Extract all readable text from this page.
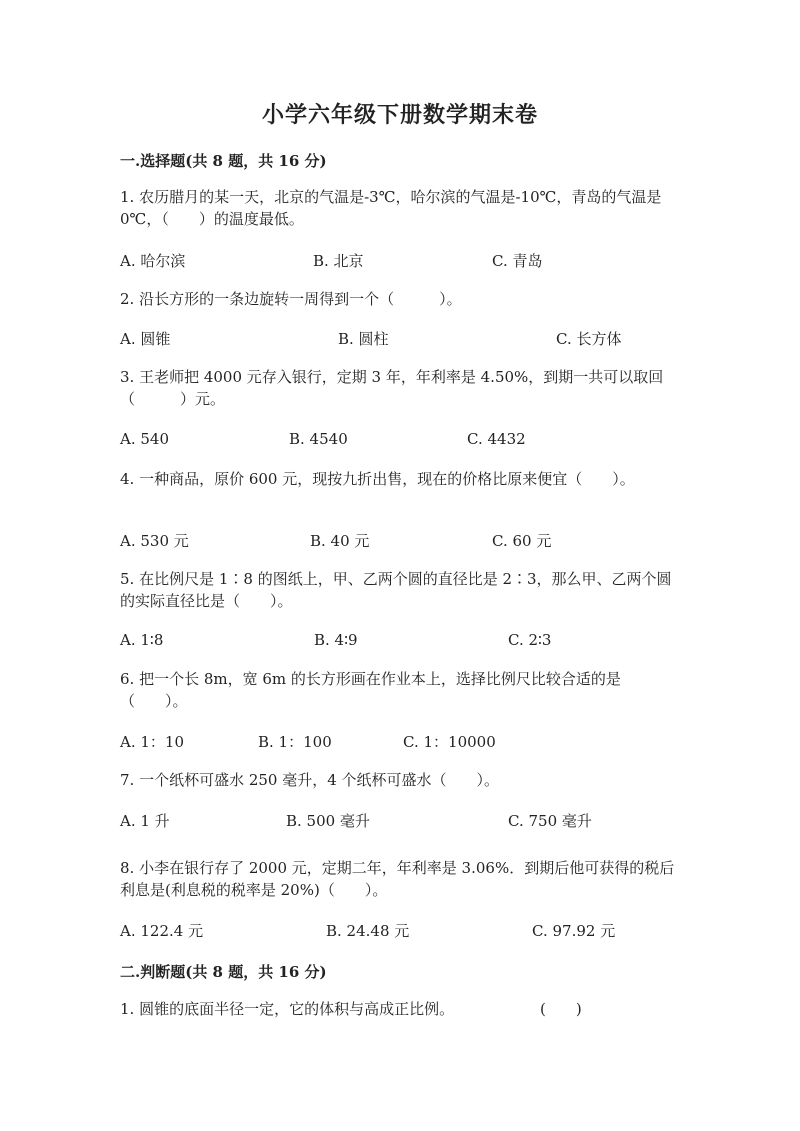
小学六年级下册数学期末卷
一.选择题(共 8 题，共 16 分)
1. 农历腊月的某一天，北京的气温是-3℃，哈尔滨的气温是-10℃，青岛的气温是 0℃，（　　）的温度最低。
A. 哈尔滨	B. 北京	C. 青岛
2. 沿长方形的一条边旋转一周得到一个（　　　）。
A. 圆锥	B. 圆柱	C. 长方体
3. 王老师把 4000 元存入银行，定期 3 年，年利率是 4.50%，到期一共可以取回（　　　）元。
A. 540	B. 4540	C. 4432
4. 一种商品，原价 600 元，现按九折出售，现在的价格比原来便宜（　　）。
A. 530 元	B. 40 元	C. 60 元
5. 在比例尺是 1∶8 的图纸上，甲、乙两个圆的直径比是 2∶3，那么甲、乙两个圆的实际直径比是（　　）。
A. 1∶8	B. 4∶9	C. 2∶3
6. 把一个长 8m，宽 6m 的长方形画在作业本上，选择比例尺比较合适的是（　　）。
A. 1：10	B. 1：100	C. 1：10000
7. 一个纸杯可盛水 250 毫升，4 个纸杯可盛水（　　）。
A. 1 升	B. 500 毫升	C. 750 毫升
8. 小李在银行存了 2000 元，定期二年，年利率是 3.06%．到期后他可获得的税后利息是(利息税的税率是 20%)（　　）。
A. 122.4 元	B. 24.48 元	C. 97.92 元
二.判断题(共 8 题，共 16 分)
1. 圆锥的底面半径一定，它的体积与高成正比例。	(　　)
